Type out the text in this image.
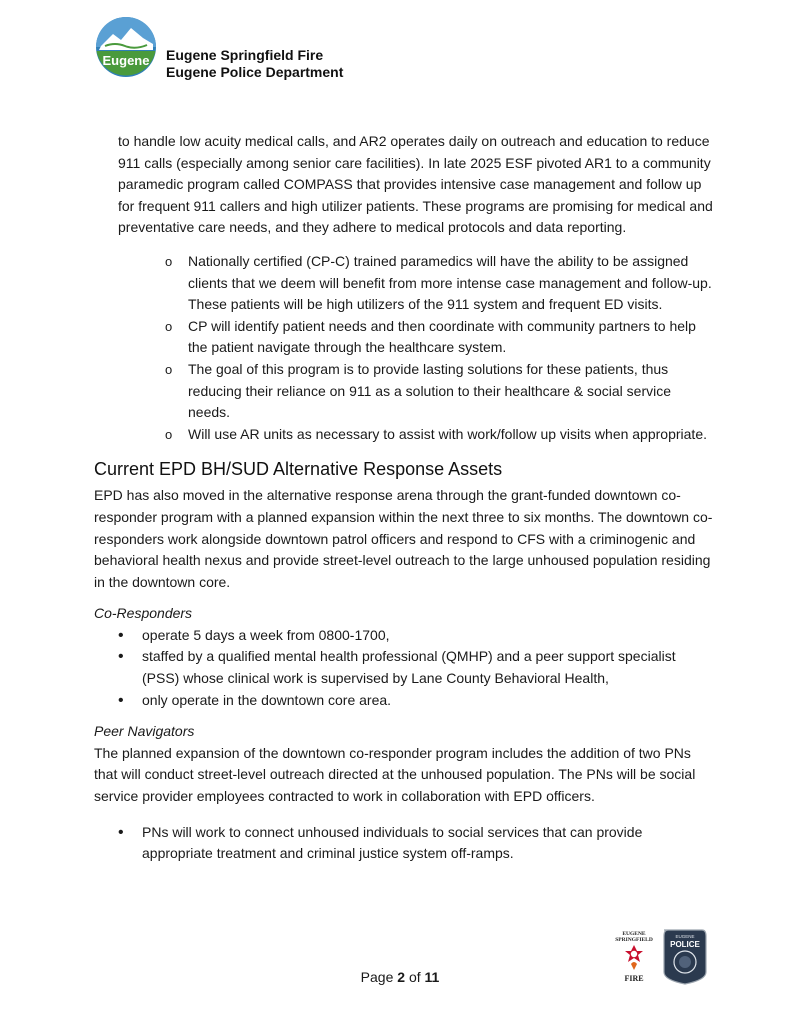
Eugene Eugene Springfield Fire
Eugene Police Department

to handle low acuity medical calls, and AR2 operates daily on outreach and education to reduce 911 calls (especially among senior care facilities). In late 2025 ESF pivoted AR1 to a community paramedic program called COMPASS that provides intensive case management and follow up for frequent 911 callers and high utilizer patients. These programs are promising for medical and preventative care needs, and they adhere to medical protocols and data reporting.

o Nationally certified (CP-C) trained paramedics will have the ability to be assigned clients that we deem will benefit from more intense case management and follow-up. These patients will be high utilizers of the 911 system and frequent ED visits.
o CP will identify patient needs and then coordinate with community partners to help the patient navigate through the healthcare system.
o The goal of this program is to provide lasting solutions for these patients, thus reducing their reliance on 911 as a solution to their healthcare & social service needs.
o Will use AR units as necessary to assist with work/follow up visits when appropriate.
Current EPD BH/SUD Alternative Response Assets

EPD has also moved in the alternative response arena through the grant-funded downtown co-responder program with a planned expansion within the next three to six months. The downtown co-responders work alongside downtown patrol officers and respond to CFS with a criminogenic and behavioral health nexus and provide street-level outreach to the large unhoused population residing in the downtown core.

Co-Responders

• operate 5 days a week from 0800-1700,
• staffed by a qualified mental health professional (QMHP) and a peer support specialist (PSS) whose clinical work is supervised by Lane County Behavioral Health,
• only operate in the downtown core area.

Peer Navigators

The planned expansion of the downtown co-responder program includes the addition of two PNs that will conduct street-level outreach directed at the unhoused population. The PNs will be social service provider employees contracted to work in collaboration with EPD officers.

• PNs will work to connect unhoused individuals to social services that can provide appropriate treatment and criminal justice system off-ramps.
EUGENE
SPRINGFIELD
FIRE
EUGENE
POLICE
Page 2 of 11
